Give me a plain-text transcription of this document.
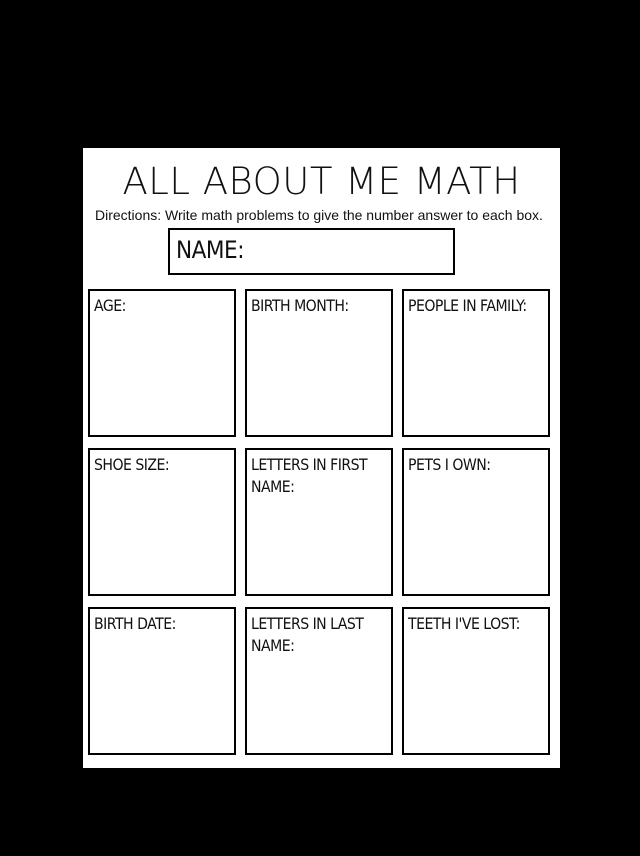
ALL ABOUT ME MATH
Directions: Write math problems to give the number answer to each box.
NAME:
AGE:	BIRTH MONTH:	PEOPLE IN FAMILY:
SHOE SIZE:	LETTERS IN FIRST NAME:
PETS I OWN:
BIRTH DATE:	LETTERS IN LAST NAME:
TEETH I'VE LOST:
